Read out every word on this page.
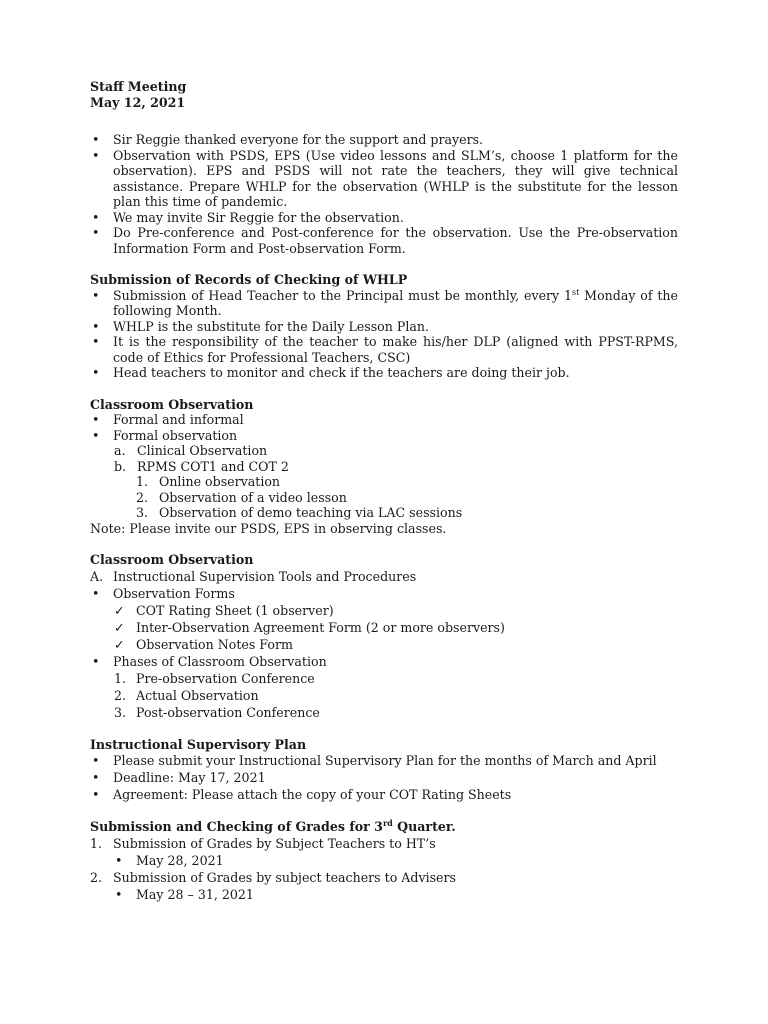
Staff Meeting
May 12, 2021
• Sir Reggie thanked everyone for the support and prayers.
• Observation with PSDS, EPS (Use video lessons and SLM’s, choose 1 platform for the observation). EPS and PSDS will not rate the teachers, they will give technical assistance. Prepare WHLP for the observation (WHLP is the substitute for the lesson plan this time of pandemic.
• We may invite Sir Reggie for the observation.
• Do Pre-conference and Post-conference for the observation. Use the Pre-observation Information Form and Post-observation Form.
Submission of Records of Checking of WHLP
• Submission of Head Teacher to the Principal must be monthly, every 1st Monday of the following Month.
• WHLP is the substitute for the Daily Lesson Plan.
• It is the responsibility of the teacher to make his/her DLP (aligned with PPST-RPMS, code of Ethics for Professional Teachers, CSC)
• Head teachers to monitor and check if the teachers are doing their job.
Classroom Observation
• Formal and informal
• Formal observation
a. Clinical Observation
b. RPMS COT1 and COT 2
1. Online observation
2. Observation of a video lesson
3. Observation of demo teaching via LAC sessions

Note: Please invite our PSDS, EPS in observing classes.

Classroom Observation
A. Instructional Supervision Tools and Procedures
• Observation Forms
✓ COT Rating Sheet (1 observer)
✓ Inter-Observation Agreement Form (2 or more observers)
✓ Observation Notes Form
• Phases of Classroom Observation
1. Pre-observation Conference
2. Actual Observation
3. Post-observation Conference
Instructional Supervisory Plan
• Please submit your Instructional Supervisory Plan for the months of March and April
• Deadline: May 17, 2021
• Agreement: Please attach the copy of your COT Rating Sheets
Submission and Checking of Grades for 3rd Quarter.
1. Submission of Grades by Subject Teachers to HT’s
• May 28, 2021
2. Submission of Grades by subject teachers to Advisers
• May 28 – 31, 2021
